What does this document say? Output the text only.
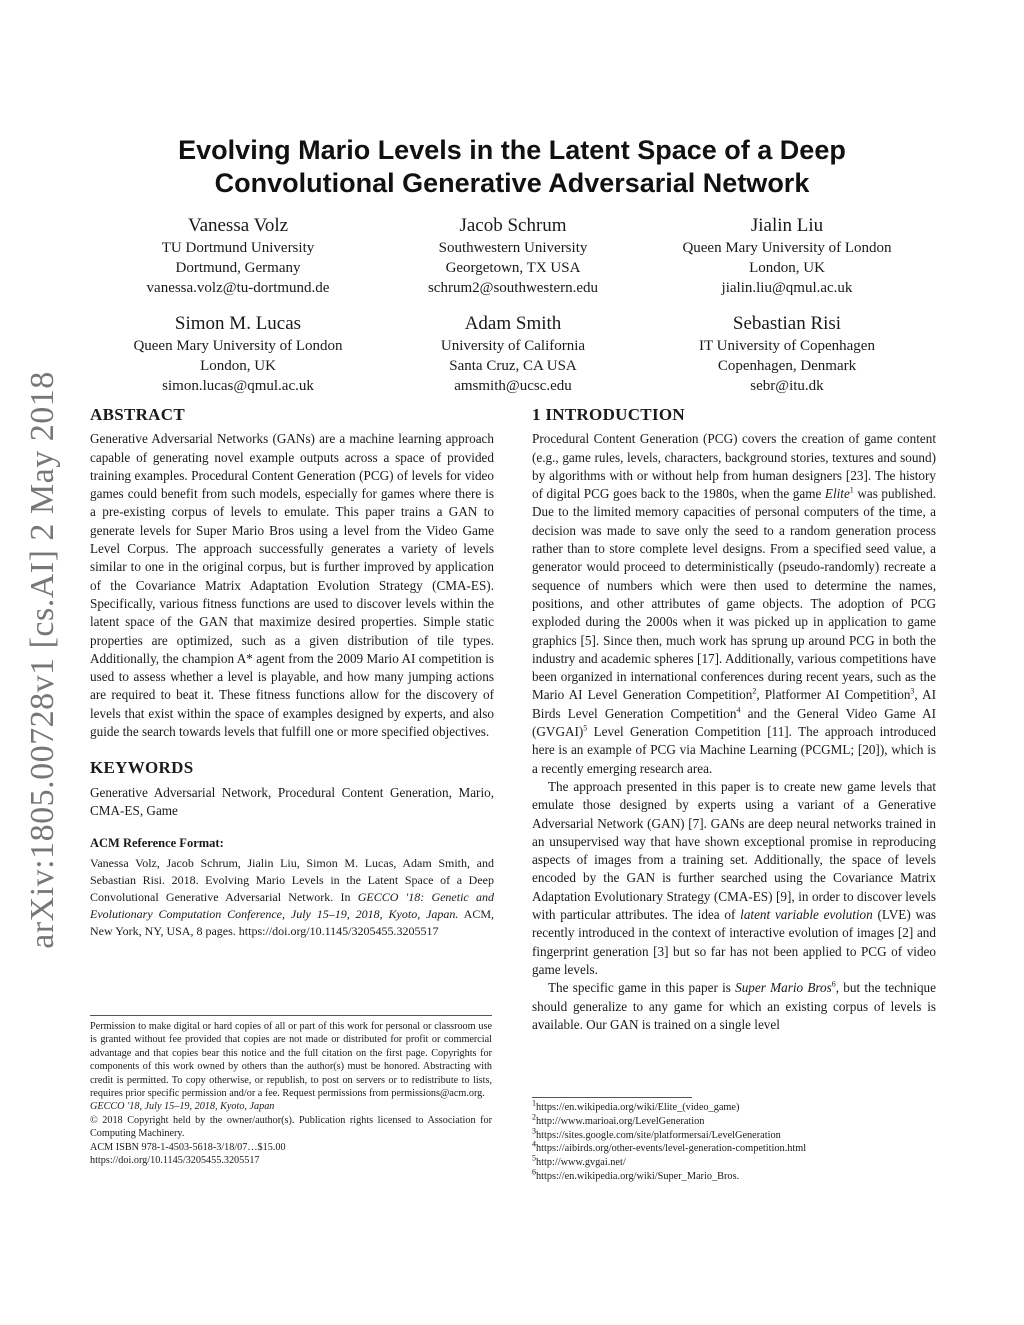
arXiv:1805.00728v1 [cs.AI] 2 May 2018
Evolving Mario Levels in the Latent Space of a Deep
Convolutional Generative Adversarial Network
Vanessa Volz
TU Dortmund University
Dortmund, Germany
vanessa.volz@tu-dortmund.de
Jacob Schrum
Southwestern University
Georgetown, TX USA
schrum2@southwestern.edu
Jialin Liu
Queen Mary University of London
London, UK
jialin.liu@qmul.ac.uk
Simon M. Lucas
Queen Mary University of London
London, UK
simon.lucas@qmul.ac.uk
Adam Smith
University of California
Santa Cruz, CA USA
amsmith@ucsc.edu
Sebastian Risi
IT University of Copenhagen
Copenhagen, Denmark
sebr@itu.dk
ABSTRACT
Generative Adversarial Networks (GANs) are a machine learning approach capable of generating novel example outputs across a space of provided training examples. Procedural Content Generation (PCG) of levels for video games could benefit from such models, especially for games where there is a pre-existing corpus of levels to emulate. This paper trains a GAN to generate levels for Super Mario Bros using a level from the Video Game Level Corpus. The approach successfully generates a variety of levels similar to one in the original corpus, but is further improved by application of the Covariance Matrix Adaptation Evolution Strategy (CMA-ES). Specifically, various fitness functions are used to discover levels within the latent space of the GAN that maximize desired properties. Simple static properties are optimized, such as a given distribution of tile types. Additionally, the champion A* agent from the 2009 Mario AI competition is used to assess whether a level is playable, and how many jumping actions are required to beat it. These fitness functions allow for the discovery of levels that exist within the space of examples designed by experts, and also guide the search towards levels that fulfill one or more specified objectives.
KEYWORDS
Generative Adversarial Network, Procedural Content Generation, Mario, CMA-ES, Game
ACM Reference Format:
Vanessa Volz, Jacob Schrum, Jialin Liu, Simon M. Lucas, Adam Smith, and Sebastian Risi. 2018. Evolving Mario Levels in the Latent Space of a Deep Convolutional Generative Adversarial Network. In GECCO '18: Genetic and Evolutionary Computation Conference, July 15–19, 2018, Kyoto, Japan. ACM, New York, NY, USA, 8 pages. https://doi.org/10.1145/3205455.3205517
Permission to make digital or hard copies of all or part of this work for personal or classroom use is granted without fee provided that copies are not made or distributed for profit or commercial advantage and that copies bear this notice and the full citation on the first page. Copyrights for components of this work owned by others than the author(s) must be honored. Abstracting with credit is permitted. To copy otherwise, or republish, to post on servers or to redistribute to lists, requires prior specific permission and/or a fee. Request permissions from permissions@acm.org.
GECCO '18, July 15–19, 2018, Kyoto, Japan
© 2018 Copyright held by the owner/author(s). Publication rights licensed to Association for Computing Machinery.
ACM ISBN 978-1-4503-5618-3/18/07…$15.00
https://doi.org/10.1145/3205455.3205517
1 INTRODUCTION
Procedural Content Generation (PCG) covers the creation of game content (e.g., game rules, levels, characters, background stories, textures and sound) by algorithms with or without help from human designers [23]. The history of digital PCG goes back to the 1980s, when the game Elite$^1$ was published. Due to the limited memory capacities of personal computers of the time, a decision was made to save only the seed to a random generation process rather than to store complete level designs. From a specified seed value, a generator would proceed to deterministically (pseudo-randomly) recreate a sequence of numbers which were then used to determine the names, positions, and other attributes of game objects. The adoption of PCG exploded during the 2000s when it was picked up in application to game graphics [5]. Since then, much work has sprung up around PCG in both the industry and academic spheres [17]. Additionally, various competitions have been organized in international conferences during recent years, such as the Mario AI Level Generation Competition$^2$, Platformer AI Competition$^3$, AI Birds Level Generation Competition$^4$ and the General Video Game AI (GVGAI)$^5$ Level Generation Competition [11]. The approach introduced here is an example of PCG via Machine Learning (PCGML; [20]), which is a recently emerging research area.
The approach presented in this paper is to create new game levels that emulate those designed by experts using a variant of a Generative Adversarial Network (GAN) [7]. GANs are deep neural networks trained in an unsupervised way that have shown exceptional promise in reproducing aspects of images from a training set. Additionally, the space of levels encoded by the GAN is further searched using the Covariance Matrix Adaptation Evolutionary Strategy (CMA-ES) [9], in order to discover levels with particular attributes. The idea of latent variable evolution (LVE) was recently introduced in the context of interactive evolution of images [2] and fingerprint generation [3] but so far has not been applied to PCG of video game levels.
The specific game in this paper is Super Mario Bros$^6$, but the technique should generalize to any game for which an existing corpus of levels is available. Our GAN is trained on a single level
$^1$https://en.wikipedia.org/wiki/Elite_(video_game)
$^2$http://www.marioai.org/LevelGeneration
$^3$https://sites.google.com/site/platformersai/LevelGeneration
$^4$https://aibirds.org/other-events/level-generation-competition.html
$^5$http://www.gvgai.net/
$^6$https://en.wikipedia.org/wiki/Super_Mario_Bros.
